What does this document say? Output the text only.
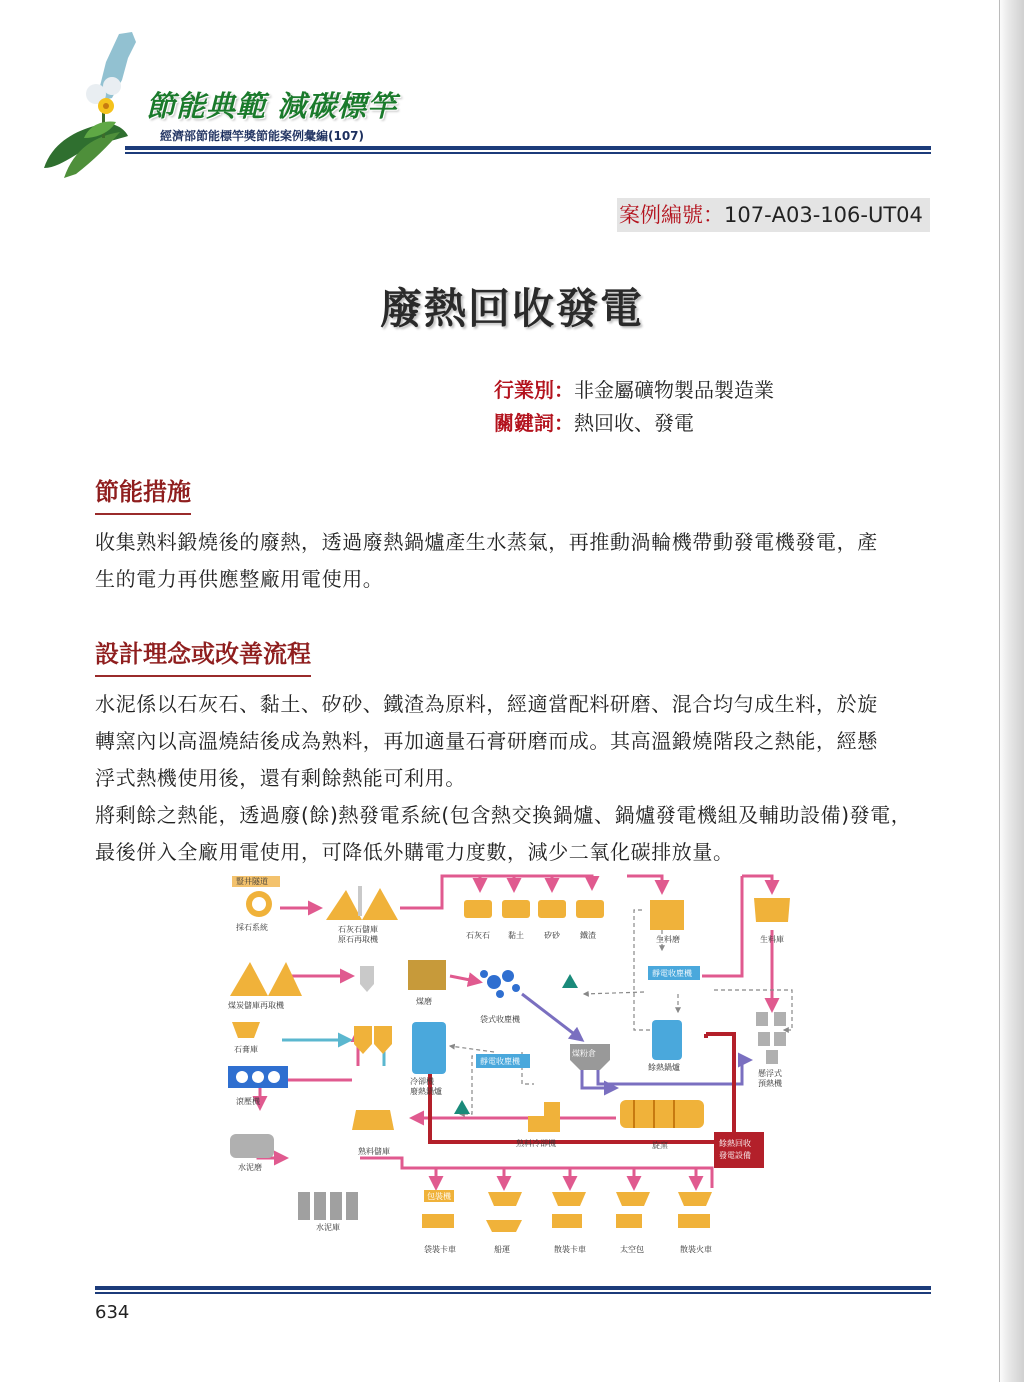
節能典範 減碳標竿
經濟部節能標竿獎節能案例彙編(107)
案例編號：107-A03-106-UT04
廢熱回收發電
行業別：非金屬礦物製品製造業
關鍵詞：熱回收、發電
節能措施
收集熟料鍛燒後的廢熱，透過廢熱鍋爐產生水蒸氣，再推動渦輪機帶動發電機發電，產
生的電力再供應整廠用電使用。
設計理念或改善流程
水泥係以石灰石、黏土、矽砂、鐵渣為原料，經適當配料研磨、混合均勻成生料，於旋
轉窯內以高溫燒結後成為熟料，再加適量石膏研磨而成。其高溫鍛燒階段之熱能，經懸
浮式熱機使用後，還有剩餘熱能可利用。
將剩餘之熱能，透過廢(餘)熱發電系統(包含熱交換鍋爐、鍋爐發電機組及輔助設備)發電，
最後併入全廠用電使用，可降低外購電力度數，減少二氧化碳排放量。
豎井隧道
採石系統	石灰石儲庫
原石再取機	石灰石 黏土	矽砂	鐵渣	生料磨	生料庫
煤炭儲庫再取機	煤磨
袋式收塵機
靜電收塵機
石膏庫
滾壓機
冷卻機
廢熱鍋爐
靜電收塵機
煤粉倉
餘熱鍋爐
懸浮式
預熱機
熟料儲庫
熟料冷卻機	旋窯	餘熱回收
發電設備
水泥磨
水泥庫
包裝機
袋裝卡車	船運	散裝卡車	太空包	散裝火車
634
